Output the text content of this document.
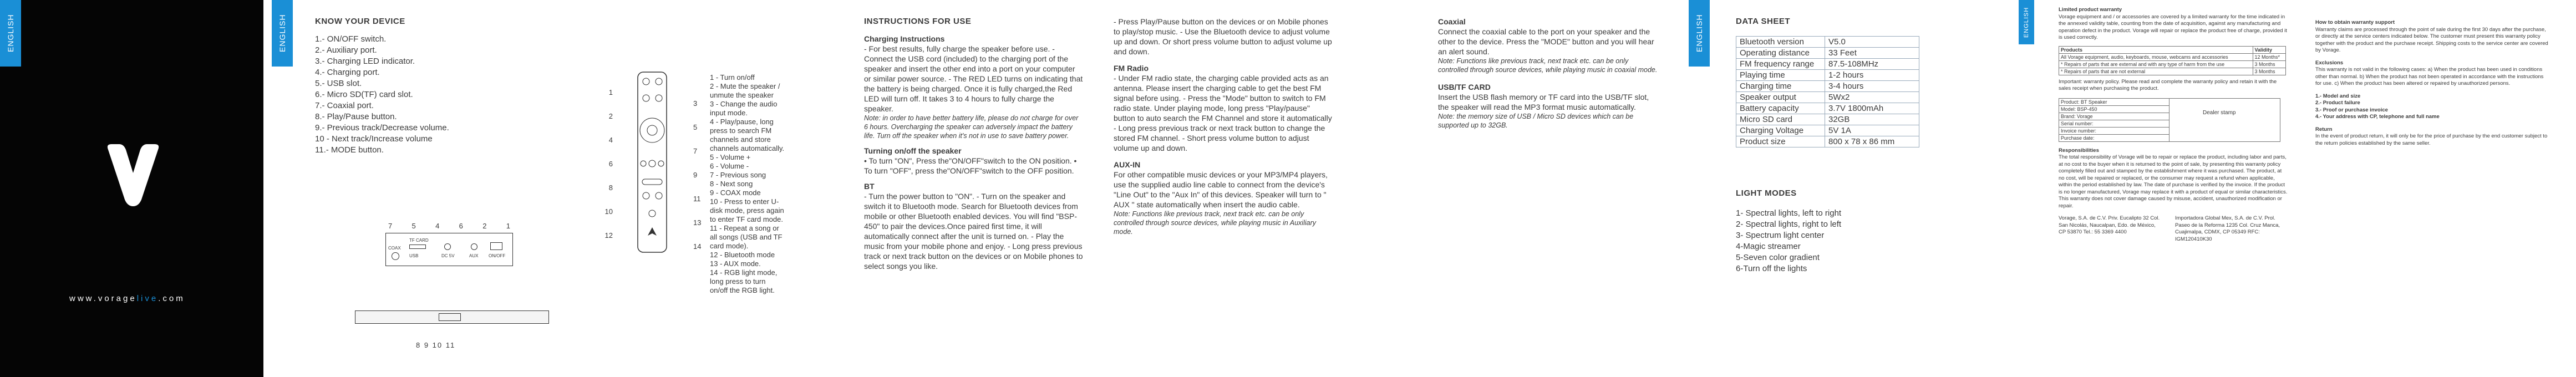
ENGLISH
www.voragelive.com
ENGLISH	KNOW YOUR DEVICE
1.- ON/OFF switch.
2.- Auxiliary port.
3.- Charging LED indicator.
4.- Charging port.
5.- USB slot.
6.- Micro SD(TF) card slot.
7.- Coaxial port.
8.- Play/Pause button.
9.- Previous track/Decrease volume.
10 - Next track/Increase volume
11.- MODE button.
1
2
4
6
8
10
12
3
5
7
9
11
13
14
1 - Turn on/off
2 - Mute the speaker / unmute the speaker
3 - Change the audio input mode.
4 - Play/pause, long press to search FM channels and store channels automatically.
5 - Volume +
6 - Volume -
7 - Previous song
8 - Next song
9 - COAX mode
10 - Press to enter U-disk mode, press again to enter TF card mode.
11 - Repeat a song or all songs (USB and TF card mode).
12 - Bluetooth mode
13 - AUX mode.
14 - RGB light mode, long press to turn on/off the RGB light.
7	5	4	6	2	1
COAX
TF CARD
USB	DC 5V	AUX ON/OFF
8 9 10 11
INSTRUCTIONS FOR USE
Charging Instructions
- For best results, fully charge the speaker before use. - Connect the USB cord (included) to the charging port of the speaker and insert the other end into a port on your computer or similar power source. - The RED LED turns on indicating that the battery is being charged. Once it is fully charged,the Red LED will turn off. It takes 3 to 4 hours to fully charge the speaker.
Note: in order to have better battery life, please do not charge for over 6 hours. Overcharging the speaker can adversely impact the battery life. Turn off the speaker when it's not in use to save battery power.
Turning on/off the speaker
• To turn "ON", Press the"ON/OFF"switch to the ON position. • To turn "OFF", press the"ON/OFF"switch to the OFF position.
BT
- Turn the power button to "ON". - Turn on the speaker and switch it to Bluetooth mode. Search for Bluetooth devices from mobile or other Bluetooth enabled devices. You will find "BSP-450" to pair the devices.Once paired first time, it will automatically connect after the unit is turned on. - Play the music from your mobile phone and enjoy. - Long press previous track or next track button on the devices or on Mobile phones to select songs you like.
- Press Play/Pause button on the devices or on Mobile phones to play/stop music. - Use the Bluetooth device to adjust volume up and down. Or short press volume button to adjust volume up and down.
FM Radio
- Under FM radio state, the charging cable provided acts as an antenna. Please insert the charging cable to get the best FM signal before using. - Press the "Mode" button to switch to FM radio state. Under playing mode, long press "Play/pause" button to auto search the FM Channel and store it automatically - Long press previous track or next track button to change the stored FM channel. - Short press volume button to adjust volume up and down.
AUX-IN
For other compatible music devices or your MP3/MP4 players, use the supplied audio line cable to connect from the device's "Line Out" to the "Aux In" of this devices. Speaker will turn to " AUX " state automatically when insert the audio cable.
Note: Functions like previous track, next track etc. can be only controlled through source devices, while playing music in Auxiliary mode.
Coaxial
Connect the coaxial cable to the port on your speaker and the other to the device. Press the "MODE" button and you will hear an alert sound.
Note: Functions like previous track, next track etc. can be only controlled through source devices, while playing music in coaxial mode.
USB/TF CARD
Insert the USB flash memory or TF card into the USB/TF slot, the speaker will read the MP3 format music automatically.
Note: the memory size of USB / Micro SD devices which can be supported up to 32GB.
ENGLISH	DATA SHEET
Bluetooth version	V5.0
Operating distance	33 Feet
FM frequency range	87.5-108MHz
Playing time	1-2 hours
Charging time	3-4 hours
Speaker output	5Wx2
Battery capacity	3.7V 1800mAh
Micro SD card	32GB
Charging Voltage	5V 1A
Product size	800 x 78 x 86 mm
LIGHT MODES
1- Spectral lights, left to right
2- Spectral lights, right to left
3- Spectrum light center
4-Magic streamer
5-Seven color gradient
6-Turn off the lights
ENGLISH	Limited product warranty
Vorage equipment and / or accessories are covered by a limited warranty for the time indicated in the annexed validity table, counting from the date of acquisition, against any manufacturing and operation defect in the product. Vorage will repair or replace the product free of charge, provided it is used correctly.
Products	Validity
All Vorage equipment, audio, keyboards, mouse, webcams and accessories	12 Months*
* Repairs of parts that are external and with any type of harm from the use	3 Months
* Repairs of parts that are not external	3 Months
Important: warranty policy. Please read and complete the warranty policy and retain it with the sales receipt when purchasing the product.
Product: BT Speaker
Model: BSP-450
Brand: Vorage
Serial number:
Invoice number:
Purchase date:
Dealer stamp
Responsibilities
The total responsibility of Vorage will be to repair or replace the product, including labor and parts, at no cost to the buyer when it is returned to the point of sale, by presenting this warranty policy completely filled out and stamped by the establishment where it was purchased. The product, at no cost, will be repaired or replaced, or the consumer may request a refund when applicable, within the period established by law. The date of purchase is verified by the invoice. If the product is no longer manufactured, Vorage may replace it with a product of equal or similar characteristics. This warranty does not cover damage caused by misuse, accident, unauthorized modification or repair.
Vorage, S.A. de C.V. Priv. Eucalipto 32 Col. San Nicolás, Naucalpan, Edo. de México, CP 53870 Tel.: 55 3369 4400
Importadora Global Mex, S.A. de C.V. Prol. Paseo de la Reforma 1235 Col. Cruz Manca, Cuajimalpa, CDMX, CP 05349 RFC: IGM120410K30
How to obtain warranty support
Warranty claims are processed through the point of sale during the first 30 days after the purchase, or directly at the service centers indicated below. The customer must present this warranty policy together with the product and the purchase receipt. Shipping costs to the service center are covered by Vorage.
Exclusions
This warranty is not valid in the following cases: a) When the product has been used in conditions other than normal. b) When the product has not been operated in accordance with the instructions for use. c) When the product has been altered or repaired by unauthorized persons.
1.- Model and size
2.- Product failure
3.- Proof or purchase invoice
4.- Your address with CP, telephone and full name
Return
In the event of product return, it will only be for the price of purchase by the end customer subject to the return policies established by the same seller.
